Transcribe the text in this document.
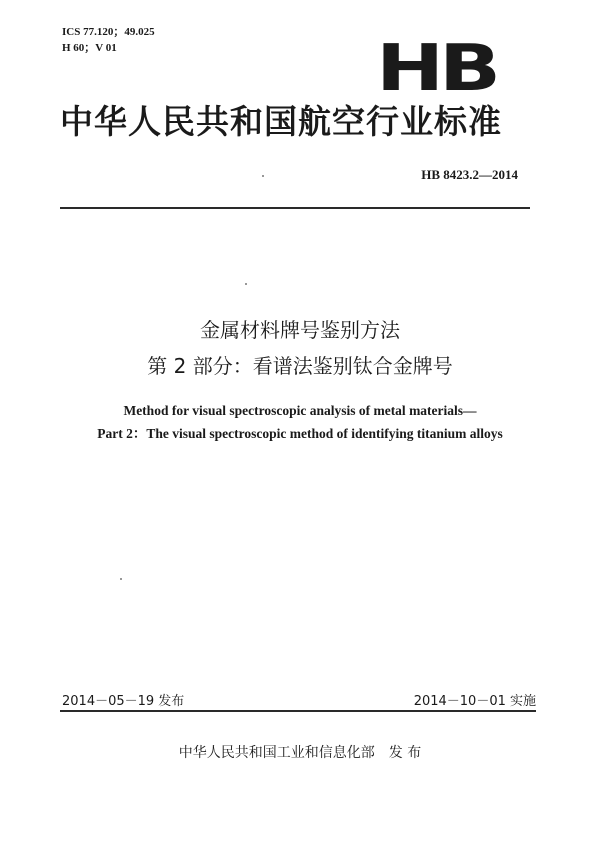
ICS 77.120；49.025
H 60；V 01	HB
中华人民共和国航空行业标准
HB 8423.2—2014
金属材料牌号鉴别方法
第 2 部分：看谱法鉴别钛合金牌号
Method for visual spectroscopic analysis of metal materials—
Part 2：The visual spectroscopic method of identifying titanium alloys
2014－05－19 发布	2014－10－01 实施
中华人民共和国工业和信息化部　发 布
